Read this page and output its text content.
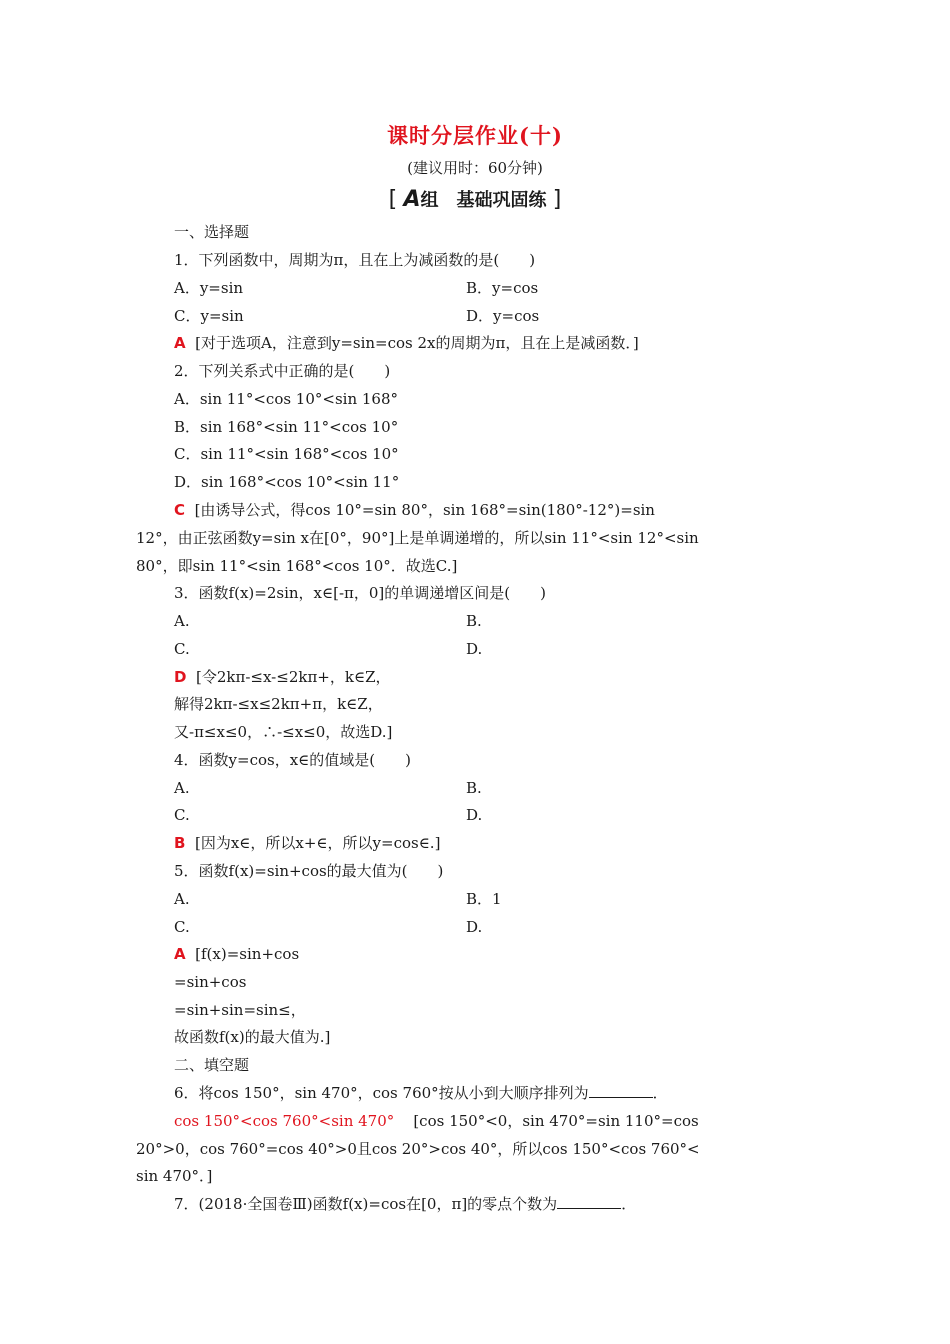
课时分层作业(十)
(建议用时：60分钟)
[ A组　基础巩固练 ]
一、选择题
1．下列函数中，周期为π，且在上为减函数的是(　　)
A．y=sin	B．y=cos
C．y=sin	D．y=cos
A [对于选项A，注意到y=sin=cos 2x的周期为π，且在上是减函数．]
2．下列关系式中正确的是(　　)
A．sin 11°<cos 10°<sin 168°
B．sin 168°<sin 11°<cos 10°
C．sin 11°<sin 168°<cos 10°
D．sin 168°<cos 10°<sin 11°
C [由诱导公式，得cos 10°=sin 80°，sin 168°=sin(180°-12°)=sin
12°，由正弦函数y=sin x在[0°，90°]上是单调递增的，所以sin 11°<sin 12°<sin
80°，即sin 11°<sin 168°<cos 10°．故选C.]
3．函数f(x)=2sin，x∈[-π，0]的单调递增区间是(　　)
A.	B.
C.	D.
D [令2kπ-≤x-≤2kπ+，k∈Z，
解得2kπ-≤x≤2kπ+π，k∈Z，
又-π≤x≤0，∴-≤x≤0，故选D.]
4．函数y=cos，x∈的值域是(　　)
A.	B.
C.	D.
B [因为x∈，所以x+∈，所以y=cos∈.]
5．函数f(x)=sin+cos的最大值为(　　)
A.	B．1
C.	D.
A [f(x)=sin+cos
=sin+cos
=sin+sin=sin≤，
故函数f(x)的最大值为.]
二、填空题
6．将cos 150°，sin 470°，cos 760°按从小到大顺序排列为	．
cos 150°<cos 760°<sin 470° [cos 150°<0，sin 470°=sin 110°=cos
20°>0，cos 760°=cos 40°>0且cos 20°>cos 40°，所以cos 150°<cos 760°<
sin 470°．]
7．(2018·全国卷Ⅲ)函数f(x)=cos在[0，π]的零点个数为	．
